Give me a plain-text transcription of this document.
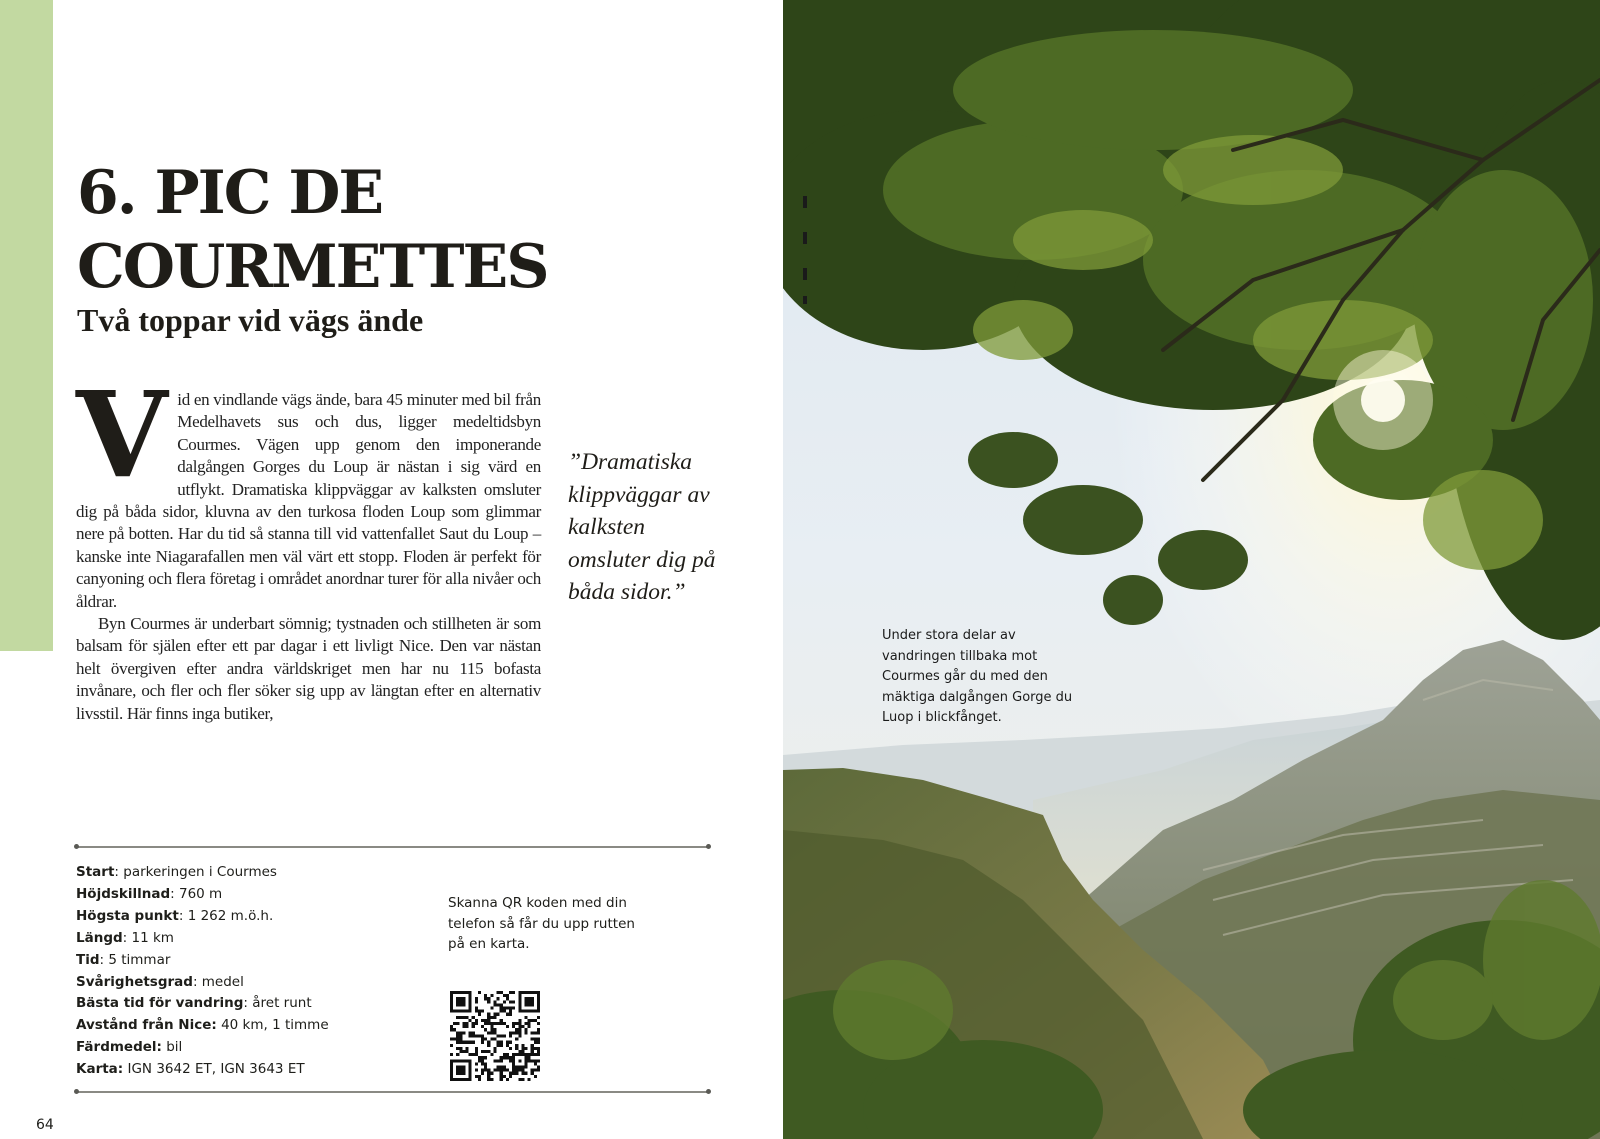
6. PIC DE
COURMETTES
Två toppar vid vägs ände

Vid en vindlande vägs ände, bara 45 minuter med bil från Medelhavets sus och dus, ligger medeltidsbyn Courmes. Vägen upp genom den imponerande dalgången Gorges du Loup är nästan i sig värd en utflykt. Dramatiska klippväggar av kalksten omsluter dig på båda sidor, kluvna av den turkosa floden Loup som glimmar nere på botten. Har du tid så stanna till vid vattenfallet Saut du Loup – kanske inte Niagarafallen men väl värt ett stopp. Floden är perfekt för canyoning och flera företag i området anordnar turer för alla nivåer och åldrar.

Byn Courmes är underbart sömnig; tystnaden och stillheten är som balsam för själen efter ett par dagar i ett livligt Nice. Den var nästan helt övergiven efter andra världskriget men har nu 115 bofasta invånare, och fler och fler söker sig upp av längtan efter en alternativ livsstil. Här finns inga butiker,

”Dramatiska klippväggar av kalksten omsluter dig på båda sidor.”
Start: parkeringen i Courmes
Höjdskillnad: 760 m
Högsta punkt: 1 262 m.ö.h.
Längd: 11 km
Tid: 5 timmar
Svårighetsgrad: medel
Bästa tid för vandring: året runt
Avstånd från Nice: 40 km, 1 timme
Färdmedel: bil
Karta: IGN 3642 ET, IGN 3643 ET
Skanna QR koden med din telefon så får du upp rutten på en karta.
64
Under stora delar av vandringen tillbaka mot Courmes går du med den mäktiga dalgången Gorge du Luop i blickfånget.
